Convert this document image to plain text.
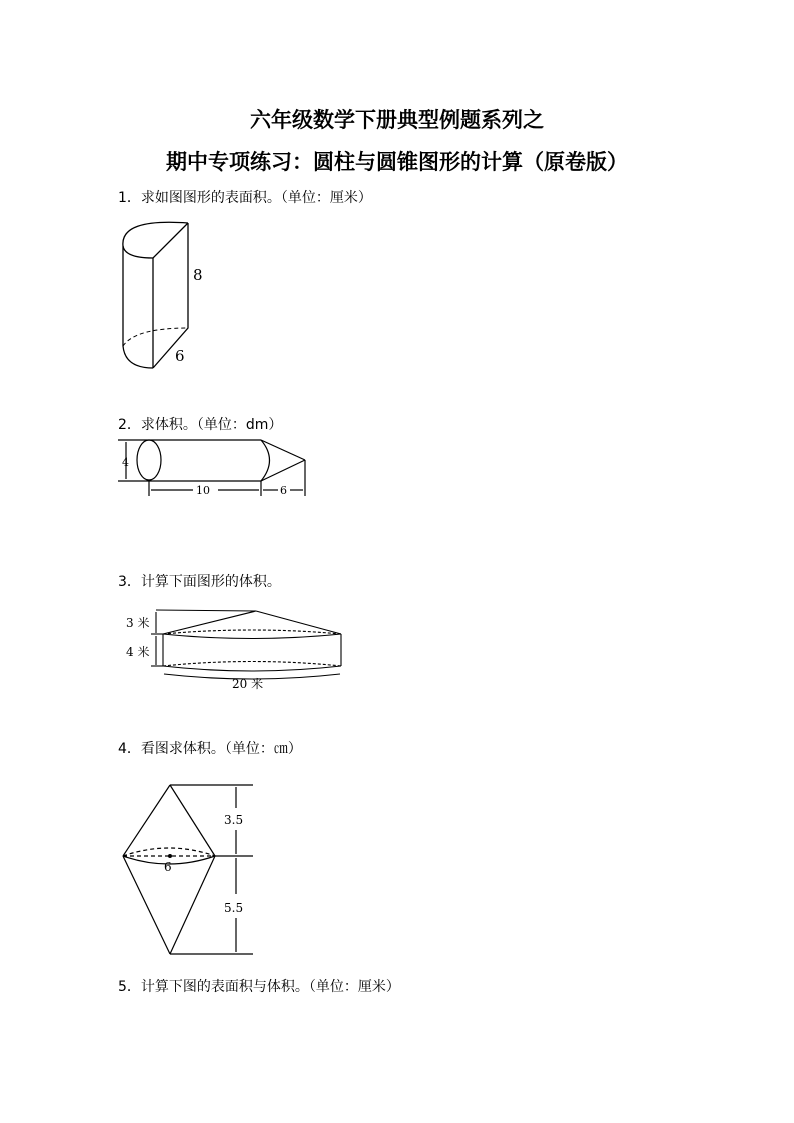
六年级数学下册典型例题系列之
期中专项练习：圆柱与圆锥图形的计算（原卷版）
1．求如图图形的表面积。（单位：厘米）
8
6
2．求体积。（单位：dm）
4
10	6
3．计算下面图形的体积。
3 米
4 米
20 米
4．看图求体积。（单位：㎝）
3.5
6
5.5
5．计算下图的表面积与体积。（单位：厘米）
